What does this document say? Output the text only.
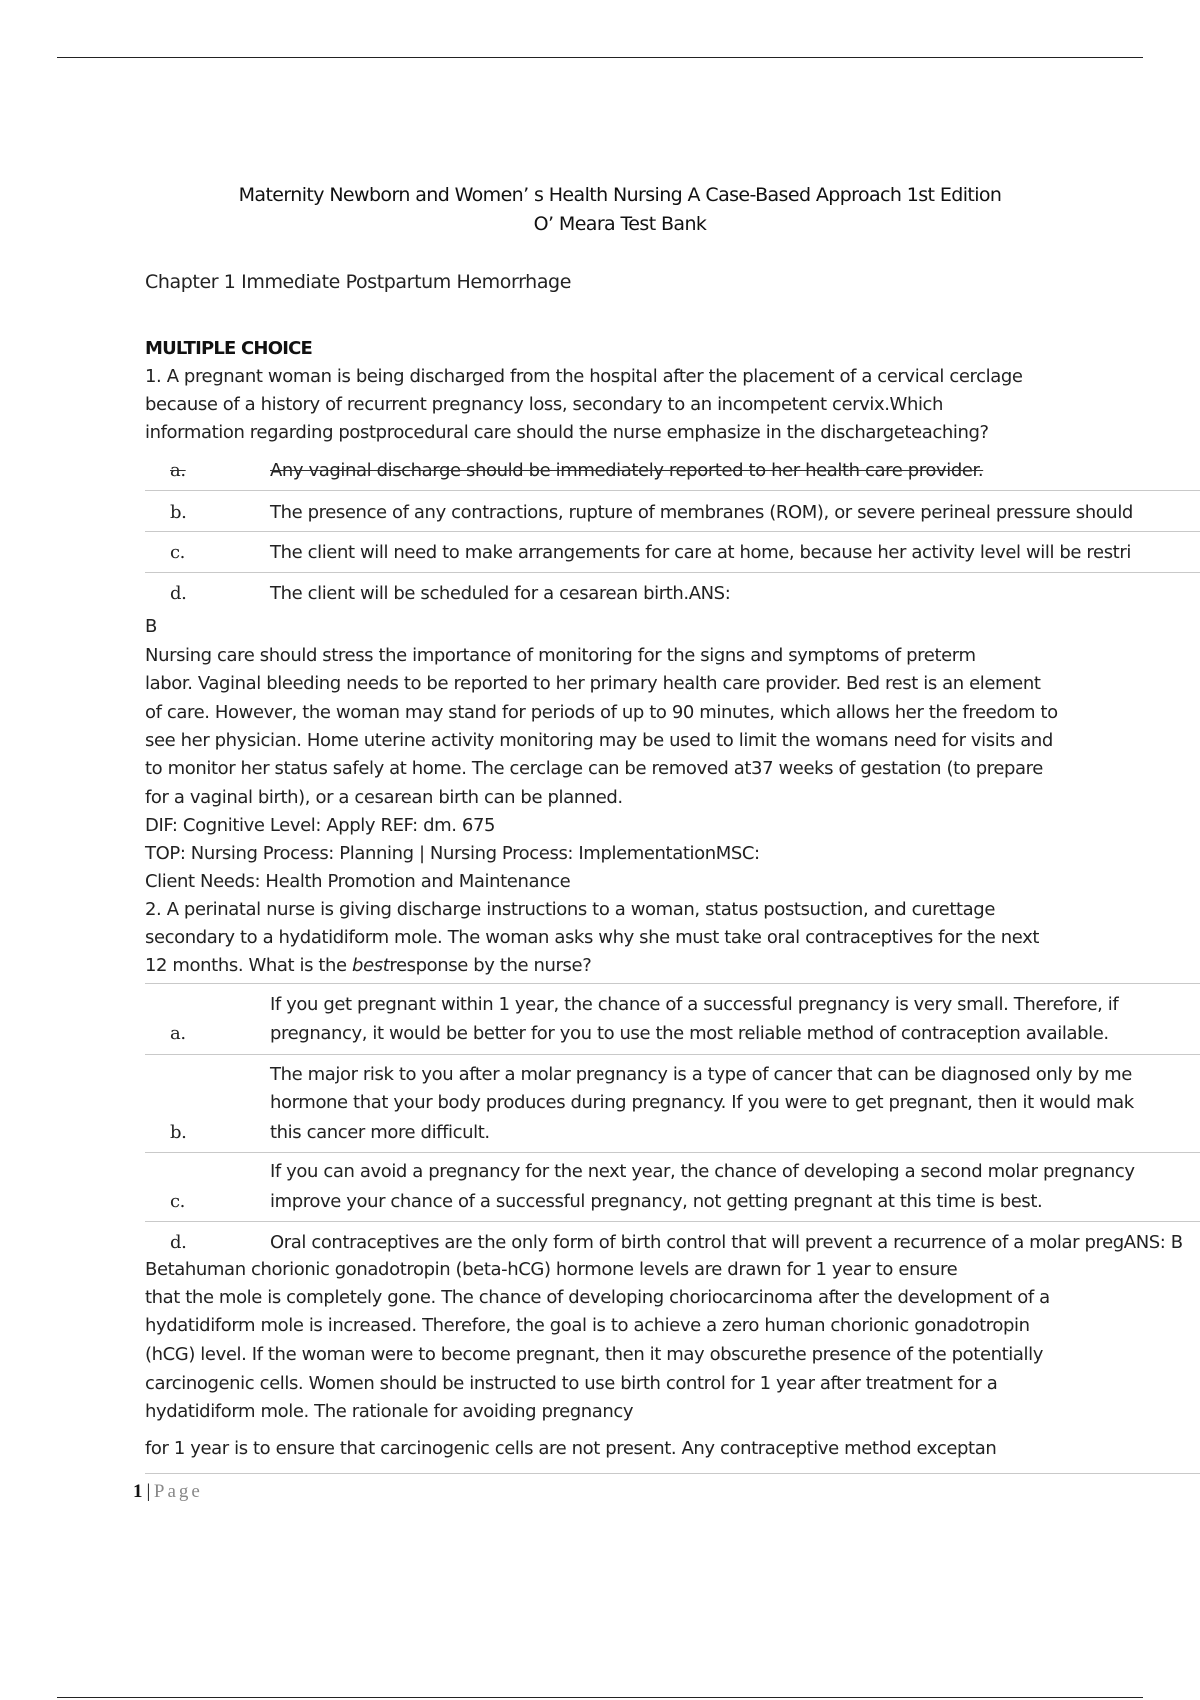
Maternity Newborn and Women’ s Health Nursing A Case-Based Approach 1st Edition
O’ Meara Test Bank
Chapter 1 Immediate Postpartum Hemorrhage
MULTIPLE CHOICE
1. A pregnant woman is being discharged from the hospital after the placement of a cervical cerclage
because of a history of recurrent pregnancy loss, secondary to an incompetent cervix.Which
information regarding postprocedural care should the nurse emphasize in the dischargeteaching?
a.	Any vaginal discharge should be immediately reported to her health care provider.
b.	The presence of any contractions, rupture of membranes (ROM), or severe perineal pressure should
c.	The client will need to make arrangements for care at home, because her activity level will be restri
d.	The client will be scheduled for a cesarean birth.ANS:
B
Nursing care should stress the importance of monitoring for the signs and symptoms of preterm
labor. Vaginal bleeding needs to be reported to her primary health care provider. Bed rest is an element
of care. However, the woman may stand for periods of up to 90 minutes, which allows her the freedom to
see her physician. Home uterine activity monitoring may be used to limit the womans need for visits and
to monitor her status safely at home. The cerclage can be removed at37 weeks of gestation (to prepare
for a vaginal birth), or a cesarean birth can be planned.
DIF: Cognitive Level: Apply REF: dm. 675
TOP: Nursing Process: Planning | Nursing Process: ImplementationMSC:
Client Needs: Health Promotion and Maintenance
2. A perinatal nurse is giving discharge instructions to a woman, status postsuction, and curettage
secondary to a hydatidiform mole. The woman asks why she must take oral contraceptives for the next
12 months. What is the bestresponse by the nurse?
If you get pregnant within 1 year, the chance of a successful pregnancy is very small. Therefore, if
a.	pregnancy, it would be better for you to use the most reliable method of contraception available.
The major risk to you after a molar pregnancy is a type of cancer that can be diagnosed only by me
hormone that your body produces during pregnancy. If you were to get pregnant, then it would mak
b.	this cancer more difficult.
If you can avoid a pregnancy for the next year, the chance of developing a second molar pregnancy
c.	improve your chance of a successful pregnancy, not getting pregnant at this time is best.
d.	Oral contraceptives are the only form of birth control that will prevent a recurrence of a molar pregANS: B
Betahuman chorionic gonadotropin (beta-hCG) hormone levels are drawn for 1 year to ensure
that the mole is completely gone. The chance of developing choriocarcinoma after the development of a
hydatidiform mole is increased. Therefore, the goal is to achieve a zero human chorionic gonadotropin
(hCG) level. If the woman were to become pregnant, then it may obscurethe presence of the potentially
carcinogenic cells. Women should be instructed to use birth control for 1 year after treatment for a
hydatidiform mole. The rationale for avoiding pregnancy
for 1 year is to ensure that carcinogenic cells are not present. Any contraceptive method exceptan
1 | Page
